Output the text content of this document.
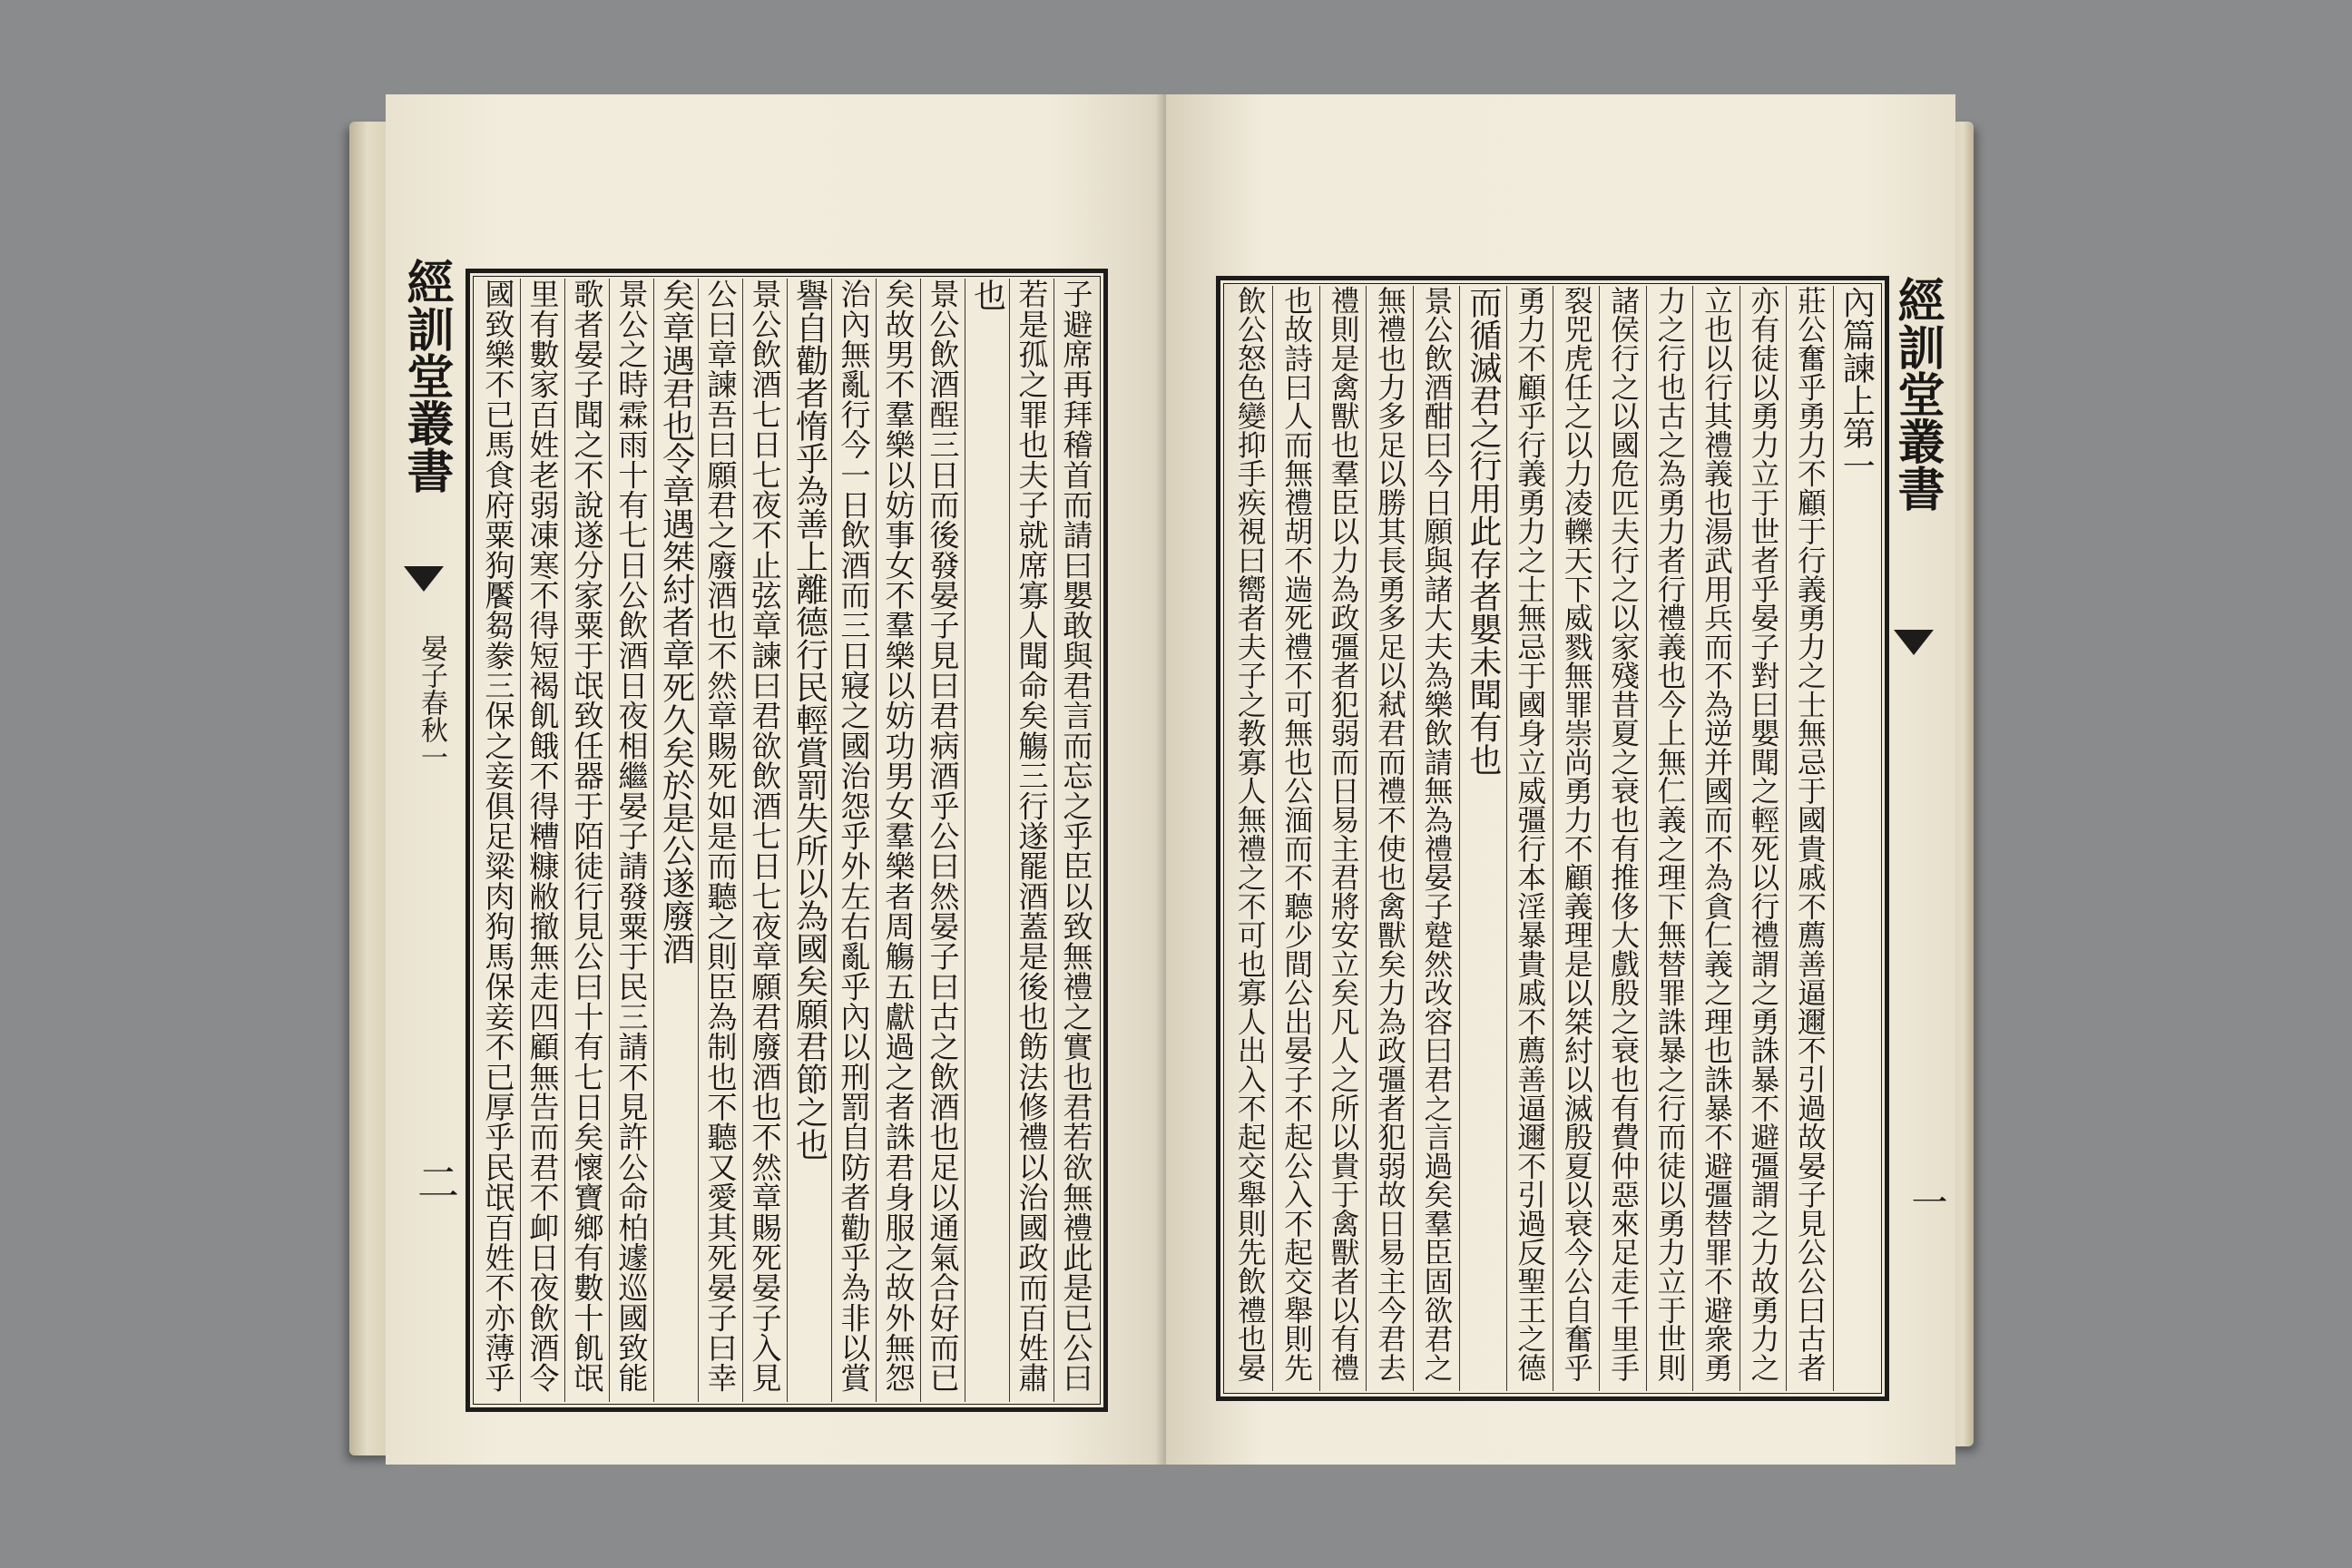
經訓堂叢書
晏子春秋一
二	子避席再拜稽首而請曰嬰敢與君言而忘之乎臣以致無禮之實也君若欲無禮此是已公曰
若是孤之罪也夫子就席寡人聞命矣觴三行遂罷酒蓋是後也飭法修禮以治國政而百姓肅
也
景公飲酒酲三日而後發晏子見曰君病酒乎公曰然晏子曰古之飲酒也足以通氣合好而已
矣故男不羣樂以妨事女不羣樂以妨功男女羣樂者周觴五獻過之者誅君身服之故外無怨
治內無亂行今一日飲酒而三日寢之國治怨乎外左右亂乎內以刑罰自防者勸乎為非以賞
譽自勸者惰乎為善上離德行民輕賞罰失所以為國矣願君節之也
景公飲酒七日七夜不止弦章諫曰君欲飲酒七日七夜章願君廢酒也不然章賜死晏子入見
公曰章諫吾曰願君之廢酒也不然章賜死如是而聽之則臣為制也不聽又愛其死晏子曰幸
矣章遇君也令章遇桀紂者章死久矣於是公遂廢酒
景公之時霖雨十有七日公飲酒日夜相繼晏子請發粟于民三請不見許公命柏遽巡國致能
歌者晏子聞之不說遂分家粟于氓致任器于陌徒行見公曰十有七日矣懷寶鄉有數十飢氓
里有數家百姓老弱凍寒不得短褐飢餓不得糟糠敝撤無走四顧無告而君不卹日夜飲酒令
國致樂不已馬食府粟狗饜芻豢三保之妾俱足粱肉狗馬保妾不已厚乎民氓百姓不亦薄乎	內篇諫上第一
莊公奮乎勇力不顧于行義勇力之士無忌于國貴戚不薦善逼邇不引過故晏子見公公曰古者
亦有徒以勇力立于世者乎晏子對曰嬰聞之輕死以行禮謂之勇誅暴不避彊謂之力故勇力之
立也以行其禮義也湯武用兵而不為逆并國而不為貪仁義之理也誅暴不避彊替罪不避衆勇
力之行也古之為勇力者行禮義也今上無仁義之理下無替罪誅暴之行而徒以勇力立于世則
諸侯行之以國危匹夫行之以家殘昔夏之衰也有推侈大戲殷之衰也有費仲惡來足走千里手
裂兕虎任之以力凌轢天下威戮無罪崇尚勇力不顧義理是以桀紂以滅殷夏以衰今公自奮乎
勇力不顧乎行義勇力之士無忌于國身立威彊行本淫暴貴戚不薦善逼邇不引過反聖王之德
而循滅君之行用此存者嬰未聞有也
景公飲酒酣曰今日願與諸大夫為樂飲請無為禮晏子蹵然改容曰君之言過矣羣臣固欲君之
無禮也力多足以勝其長勇多足以弒君而禮不使也禽獸矣力為政彊者犯弱故日易主今君去
禮則是禽獸也羣臣以力為政彊者犯弱而日易主君將安立矣凡人之所以貴于禽獸者以有禮
也故詩曰人而無禮胡不遄死禮不可無也公湎而不聽少間公出晏子不起公入不起交舉則先
飲公怒色變抑手疾視曰嚮者夫子之教寡人無禮之不可也寡人出入不起交舉則先飲禮也晏	經訓堂叢書
一
